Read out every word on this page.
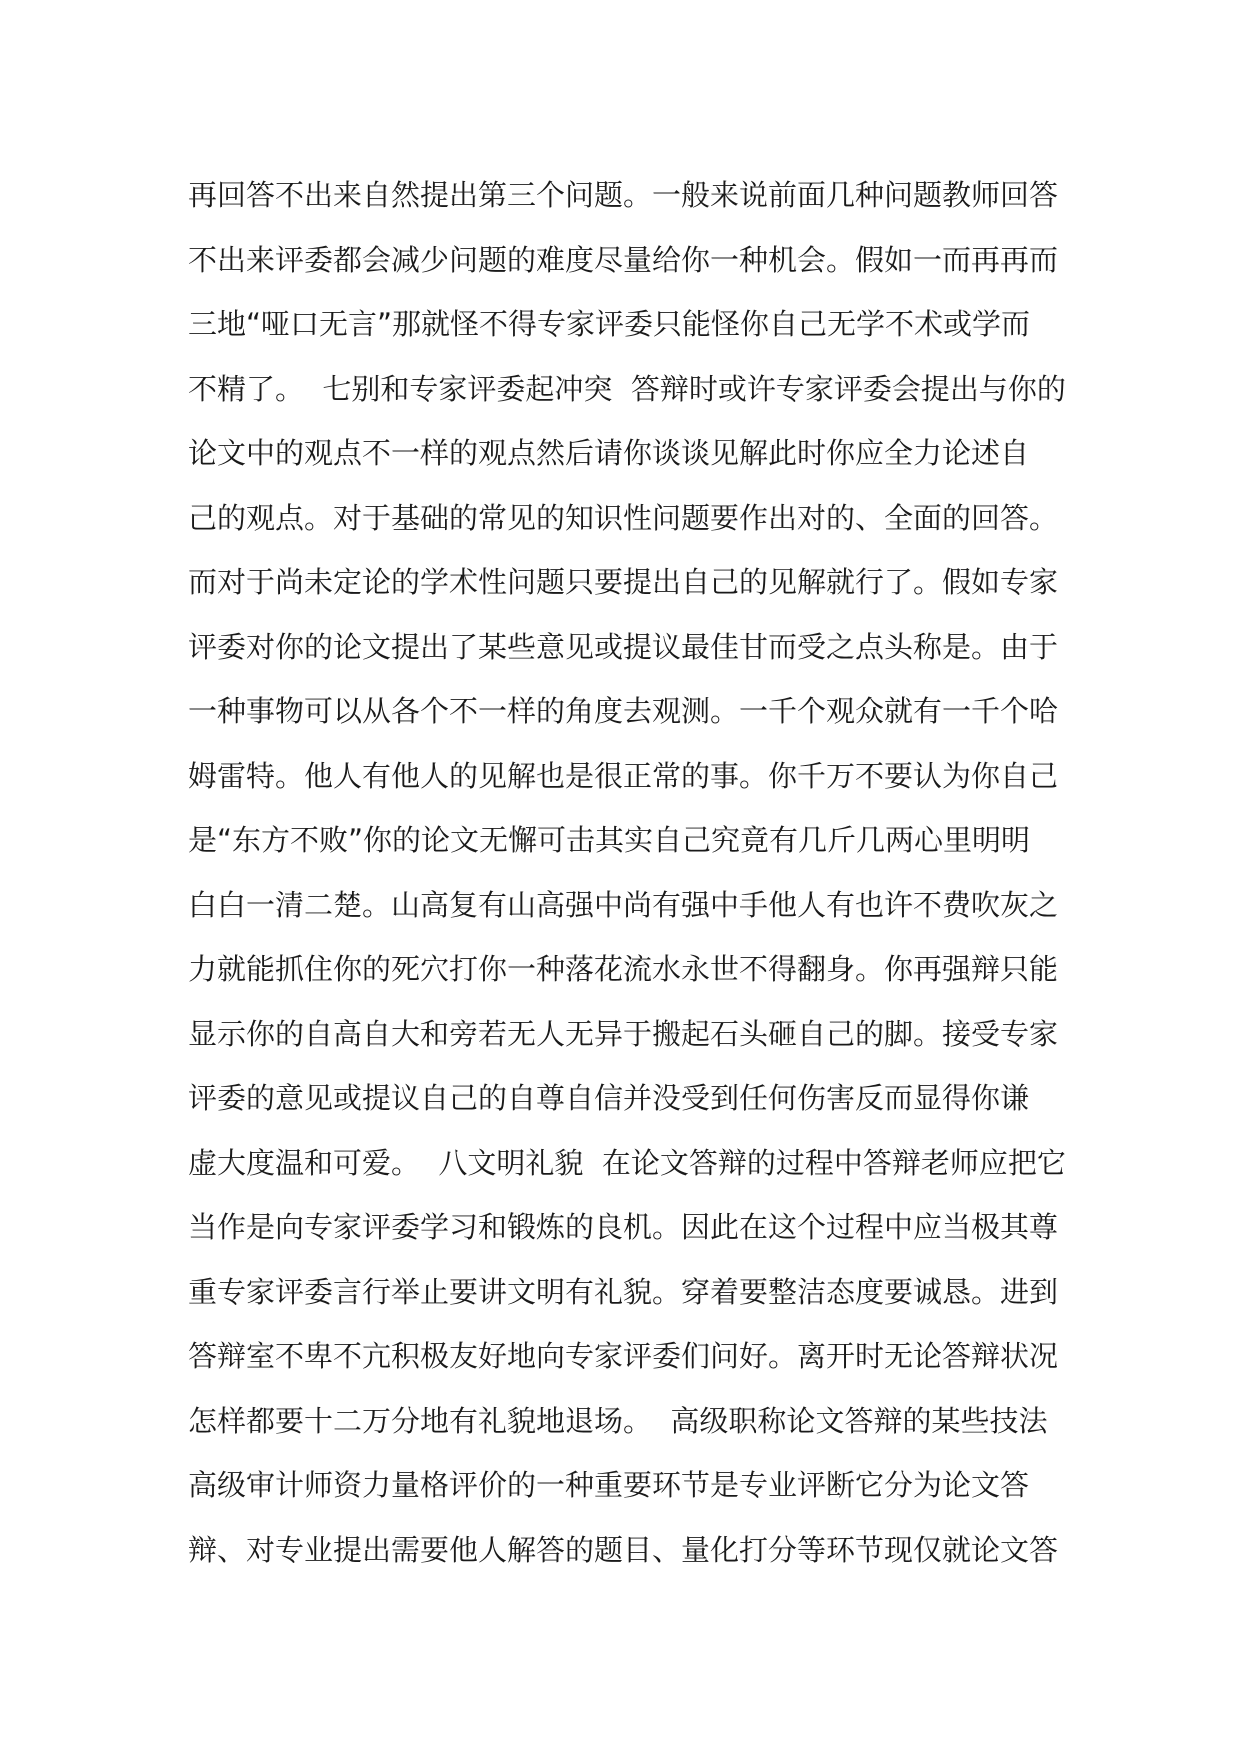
再回答不出来自然提出第三个问题。一般来说前面几种问题教师回答
不出来评委都会减少问题的难度尽量给你一种机会。假如一而再再而
三地“哑口无言”那就怪不得专家评委只能怪你自己无学不术或学而
不精了。  七别和专家评委起冲突  答辩时或许专家评委会提出与你的
论文中的观点不一样的观点然后请你谈谈见解此时你应全力论述自
己的观点。对于基础的常见的知识性问题要作出对的、全面的回答。
而对于尚未定论的学术性问题只要提出自己的见解就行了。假如专家
评委对你的论文提出了某些意见或提议最佳甘而受之点头称是。由于
一种事物可以从各个不一样的角度去观测。一千个观众就有一千个哈
姆雷特。他人有他人的见解也是很正常的事。你千万不要认为你自己
是“东方不败”你的论文无懈可击其实自己究竟有几斤几两心里明明
白白一清二楚。山高复有山高强中尚有强中手他人有也许不费吹灰之
力就能抓住你的死穴打你一种落花流水永世不得翻身。你再强辩只能
显示你的自高自大和旁若无人无异于搬起石头砸自己的脚。接受专家
评委的意见或提议自己的自尊自信并没受到任何伤害反而显得你谦
虚大度温和可爱。  八文明礼貌  在论文答辩的过程中答辩老师应把它
当作是向专家评委学习和锻炼的良机。因此在这个过程中应当极其尊
重专家评委言行举止要讲文明有礼貌。穿着要整洁态度要诚恳。进到
答辩室不卑不亢积极友好地向专家评委们问好。离开时无论答辩状况
怎样都要十二万分地有礼貌地退场。  高级职称论文答辩的某些技法
高级审计师资力量格评价的一种重要环节是专业评断它分为论文答
辩、对专业提出需要他人解答的题目、量化打分等环节现仅就论文答
